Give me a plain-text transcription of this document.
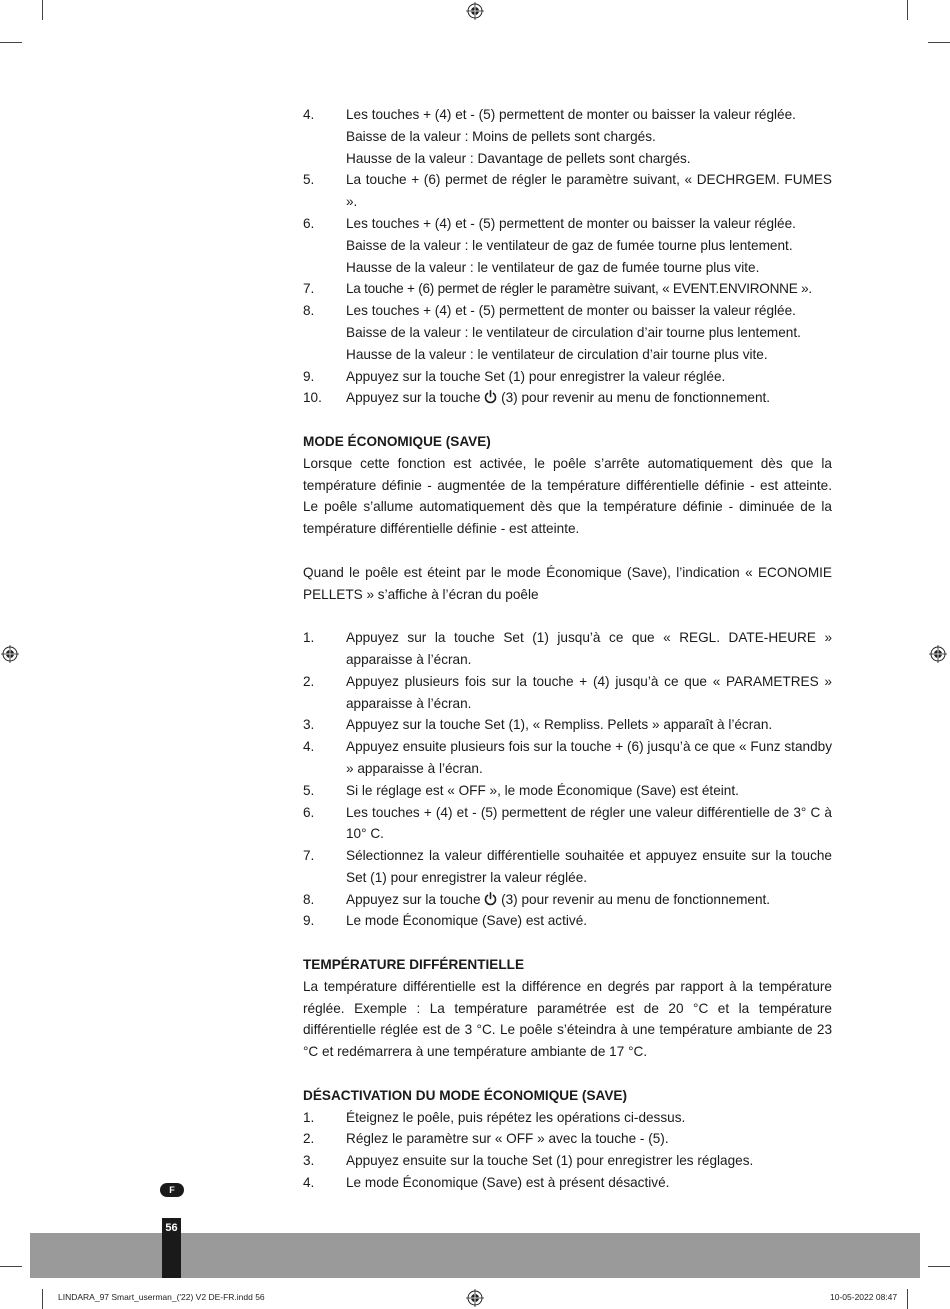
4.	Les touches + (4) et - (5) permettent de monter ou baisser la valeur réglée.
Baisse de la valeur : Moins de pellets sont chargés.
Hausse de la valeur : Davantage de pellets sont chargés.
5.	La touche + (6) permet de régler le paramètre suivant, « DECHRGEM. FUMES ».
6.	Les touches + (4) et - (5) permettent de monter ou baisser la valeur réglée.
Baisse de la valeur : le ventilateur de gaz de fumée tourne plus lentement.
Hausse de la valeur : le ventilateur de gaz de fumée tourne plus vite.
7.	La touche + (6) permet de régler le paramètre suivant, « EVENT.ENVIRONNE ».
8.	Les touches + (4) et - (5) permettent de monter ou baisser la valeur réglée.
Baisse de la valeur : le ventilateur de circulation d’air tourne plus lentement.
Hausse de la valeur : le ventilateur de circulation d’air tourne plus vite.
9.	Appuyez sur la touche Set (1) pour enregistrer la valeur réglée.
10.	Appuyez sur la touche  (3) pour revenir au menu de fonctionnement.
MODE ÉCONOMIQUE (SAVE)
Lorsque cette fonction est activée, le poêle s’arrête automatiquement dès que la température définie - augmentée de la température différentielle définie - est atteinte. Le poêle s’allume automatiquement dès que la température définie - diminuée de la température différentielle définie - est atteinte.
Quand le poêle est éteint par le mode Économique (Save), l’indication « ECONOMIE PELLETS » s’affiche à l’écran du poêle
1.	Appuyez sur la touche Set (1) jusqu’à ce que « REGL. DATE-HEURE » apparaisse à l’écran.
2.	Appuyez plusieurs fois sur la touche + (4) jusqu’à ce que « PARAMETRES » apparaisse à l’écran.
3.	Appuyez sur la touche Set (1), « Rempliss. Pellets » apparaît à l’écran.
4.	Appuyez ensuite plusieurs fois sur la touche + (6) jusqu’à ce que « Funz standby » apparaisse à l’écran.
5.	Si le réglage est « OFF », le mode Économique (Save) est éteint.
6.	Les touches + (4) et - (5) permettent de régler une valeur différentielle de 3° C à 10° C.
7.	Sélectionnez la valeur différentielle souhaitée et appuyez ensuite sur la touche Set (1) pour enregistrer la valeur réglée.
8.	Appuyez sur la touche  (3) pour revenir au menu de fonctionnement.
9.	Le mode Économique (Save) est activé.
TEMPÉRATURE DIFFÉRENTIELLE
La température différentielle est la différence en degrés par rapport à la température réglée. Exemple : La température paramétrée est de 20 °C et la température différentielle réglée est de 3 °C. Le poêle s’éteindra à une température ambiante de 23 °C et redémarrera à une température ambiante de 17 °C.
DÉSACTIVATION DU MODE ÉCONOMIQUE (SAVE)
1.	Éteignez le poêle, puis répétez les opérations ci-dessus.
2.	Réglez le paramètre sur « OFF » avec la touche - (5).
3.	Appuyez ensuite sur la touche Set (1) pour enregistrer les réglages.
4.	Le mode Économique (Save) est à présent désactivé.
F
56
LINDARA_97 Smart_userman_('22) V2 DE-FR.indd 56	10-05-2022 08:47
